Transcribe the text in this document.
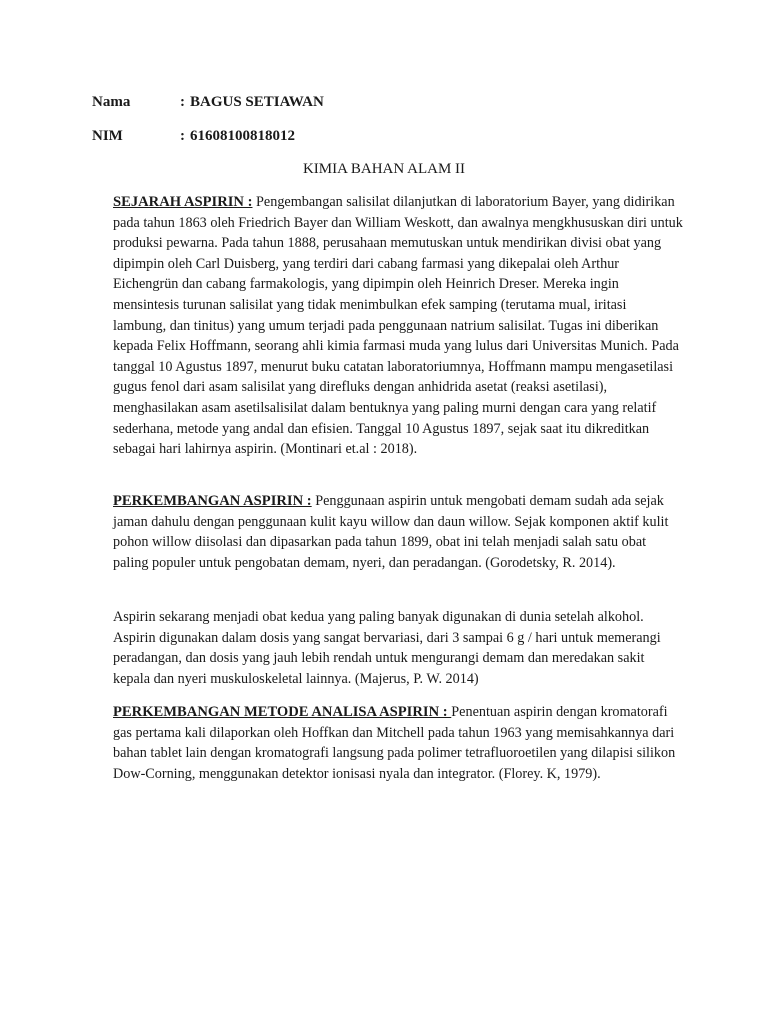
Nama	: BAGUS SETIAWAN
NIM	: 61608100818012
KIMIA BAHAN ALAM II

SEJARAH ASPIRIN : Pengembangan salisilat dilanjutkan di laboratorium Bayer, yang didirikan pada tahun 1863 oleh Friedrich Bayer dan William Weskott, dan awalnya mengkhususkan diri untuk produksi pewarna. Pada tahun 1888, perusahaan memutuskan untuk mendirikan divisi obat yang dipimpin oleh Carl Duisberg, yang terdiri dari cabang farmasi yang dikepalai oleh Arthur Eichengrün dan cabang farmakologis, yang dipimpin oleh Heinrich Dreser. Mereka ingin mensintesis turunan salisilat yang tidak menimbulkan efek samping (terutama mual, iritasi lambung, dan tinitus) yang umum terjadi pada penggunaan natrium salisilat. Tugas ini diberikan kepada Felix Hoffmann, seorang ahli kimia farmasi muda yang lulus dari Universitas Munich. Pada tanggal 10 Agustus 1897, menurut buku catatan laboratoriumnya, Hoffmann mampu mengasetilasi gugus fenol dari asam salisilat yang direfluks dengan anhidrida asetat (reaksi asetilasi), menghasilakan asam asetilsalisilat dalam bentuknya yang paling murni dengan cara yang relatif sederhana, metode yang andal dan efisien. Tanggal 10 Agustus 1897, sejak saat itu dikreditkan sebagai hari lahirnya aspirin. (Montinari et.al : 2018).

PERKEMBANGAN ASPIRIN : Penggunaan aspirin untuk mengobati demam sudah ada sejak jaman dahulu dengan penggunaan kulit kayu willow dan daun willow. Sejak komponen aktif kulit pohon willow diisolasi dan dipasarkan pada tahun 1899, obat ini telah menjadi salah satu obat paling populer untuk pengobatan demam, nyeri, dan peradangan. (Gorodetsky, R. 2014).

Aspirin sekarang menjadi obat kedua yang paling banyak digunakan di dunia setelah alkohol. Aspirin digunakan dalam dosis yang sangat bervariasi, dari 3 sampai 6 g / hari untuk memerangi peradangan, dan dosis yang jauh lebih rendah untuk mengurangi demam dan meredakan sakit kepala dan nyeri muskuloskeletal lainnya. (Majerus, P. W. 2014)

PERKEMBANGAN METODE ANALISA ASPIRIN : Penentuan aspirin dengan kromatorafi gas pertama kali dilaporkan oleh Hoffkan dan Mitchell pada tahun 1963 yang memisahkannya dari bahan tablet lain dengan kromatografi langsung pada polimer tetrafluoroetilen yang dilapisi silikon Dow-Corning, menggunakan detektor ionisasi nyala dan integrator. (Florey. K, 1979).
